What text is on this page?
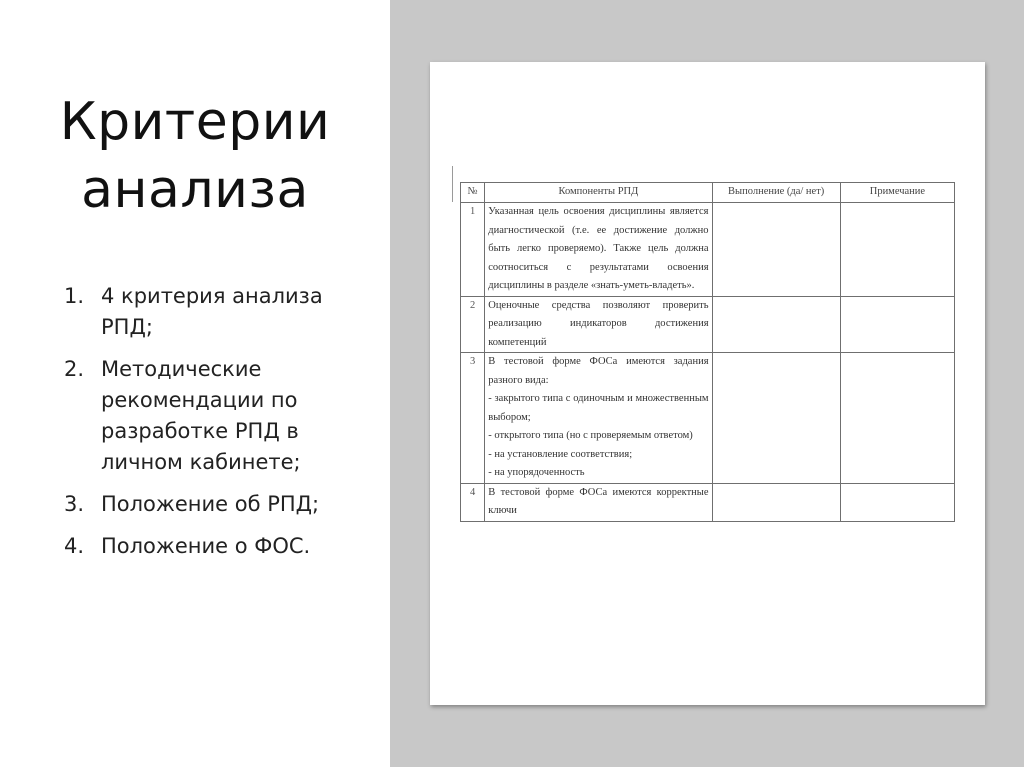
Критерии
анализа
1. 4 критерия анализа РПД;
2. Методические рекомендации по разработке РПД в личном кабинете;
3. Положение об РПД;
4. Положение о ФОС.
№	Компоненты РПД	Выполнение (да/ нет)	Примечание
1	Указанная цель освоения дисциплины является диагностической (т.е. ее достижение должно быть легко проверяемо). Также цель должна соотноситься с результатами освоения дисциплины в разделе «знать-уметь-владеть».		
2	Оценочные средства позволяют проверить реализацию индикаторов достижения компетенций		
3	В тестовой форме ФОСа имеются задания разного вида:
- закрытого типа с одиночным и множественным выбором;
- открытого типа (но с проверяемым ответом)
- на установление соответствия;
- на упорядоченность		
4	В тестовой форме ФОСа имеются корректные ключи		
